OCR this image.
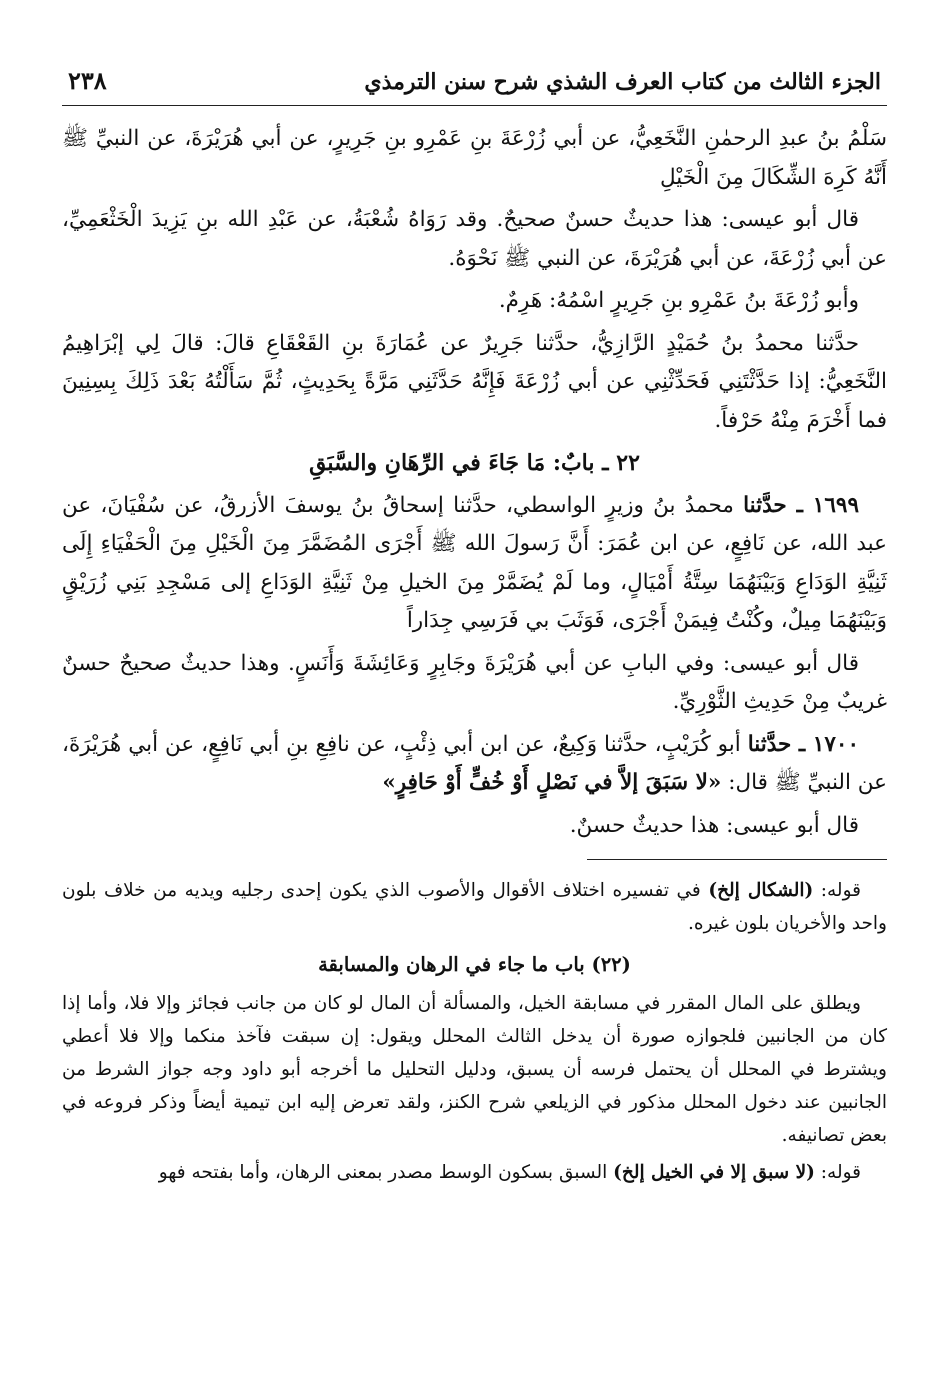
الجزء الثالث من كتاب العرف الشذي شرح سنن الترمذي
٢٣٨

سَلْمُ بنُ عبدِ الرحمٰنِ النَّخَعِيُّ، عن أبي زُرْعَةَ بنِ عَمْرِو بنِ جَرِيرٍ، عن أبي هُرَيْرَةَ، عن النبيِّ ﷺ أَنَّهُ كَرِهَ الشِّكَالَ مِنَ الْخَيْلِ

قال أبو عيسى: هذا حديثٌ حسنٌ صحيحٌ. وقد رَوَاهُ شُعْبَةُ، عن عَبْدِ الله بنِ يَزِيدَ الْخَثْعَمِيِّ، عن أبي زُرْعَةَ، عن أبي هُرَيْرَةَ، عن النبي ﷺ نَحْوَهُ.

وأبو زُرْعَةَ بنُ عَمْرِو بنِ جَرِيرٍ اسْمُهُ: هَرِمٌ.

حدَّثنا محمدُ بنُ حُمَيْدٍ الرَّازِيُّ، حدَّثنا جَرِيرٌ عن عُمَارَةَ بنِ القَعْقَاعِ قالَ: قالَ لِي إبْرَاهِيمُ النَّخَعِيُّ: إذا حَدَّثْتَنِي فَحَدِّثْنِي عن أبي زُرْعَةَ فَإِنَّهُ حَدَّثَنِي مَرَّةً بِحَدِيثٍ، ثُمَّ سَأَلْتُهُ بَعْدَ ذَلِكَ بِسِنِينَ فما أَخْرَمَ مِنْهُ حَرْفاً.

٢٢ ـ بابٌ: مَا جَاءَ في الرِّهَانِ والسَّبَقِ

١٦٩٩ ـ حدَّثنا محمدُ بنُ وزيرٍ الواسطي، حدَّثنا إسحاقُ بنُ يوسفَ الأزرقُ، عن سُفْيَانَ، عن عبد الله، عن نَافِعٍ، عن ابن عُمَرَ: أَنَّ رَسولَ الله ﷺ أَجْرَى المُضَمَّرَ مِنَ الْخَيْلِ مِنَ الْحَفْيَاءِ إِلَى ثَنِيَّةِ الوَدَاعِ وَبَيْنَهُمَا سِتَّةُ أَمْيَالٍ، وما لَمْ يُضَمَّرْ مِنَ الخيلِ مِنْ ثَنِيَّةِ الوَدَاعِ إلى مَسْجِدِ بَنِي زُرَيْقٍ وَبَيْنَهُمَا مِيلٌ، وكُنْتُ فِيمَنْ أَجْرَى، فَوَثَبَ بي فَرَسِي جِدَاراً

قال أبو عيسى: وفي البابِ عن أبي هُرَيْرَةَ وجَابِرٍ وَعَائِشَةَ وَأَنَسٍ. وهذا حديثٌ صحيحٌ حسنٌ غريبٌ مِنْ حَدِيثِ الثَّوْرِيِّ.

١٧٠٠ ـ حدَّثنا أبو كُرَيْبٍ، حدَّثنا وَكِيعٌ، عن ابن أبي ذِئْبٍ، عن نافِعِ بنِ أبي نَافِعٍ، عن أبي هُرَيْرَةَ، عن النبيِّ ﷺ قال: «لا سَبَقَ إلاَّ في نَصْلٍ أَوْ خُفٍّ أَوْ حَافِرٍ»

قال أبو عيسى: هذا حديثٌ حسنٌ.

قوله: (الشكال إلخ) في تفسيره اختلاف الأقوال والأصوب الذي يكون إحدى رجليه ويديه من خلاف بلون واحد والأخريان بلون غيره.

(٢٢) باب ما جاء في الرهان والمسابقة

ويطلق على المال المقرر في مسابقة الخيل، والمسألة أن المال لو كان من جانب فجائز وإلا فلا، وأما إذا كان من الجانبين فلجوازه صورة أن يدخل الثالث المحلل ويقول: إن سبقت فآخذ منكما وإلا فلا أعطي ويشترط في المحلل أن يحتمل فرسه أن يسبق، ودليل التحليل ما أخرجه أبو داود وجه جواز الشرط من الجانبين عند دخول المحلل مذكور في الزيلعي شرح الكنز، ولقد تعرض إليه ابن تيمية أيضاً وذكر فروعه في بعض تصانيفه.

قوله: (لا سبق إلا في الخيل إلخ) السبق بسكون الوسط مصدر بمعنى الرهان، وأما بفتحه فهو
